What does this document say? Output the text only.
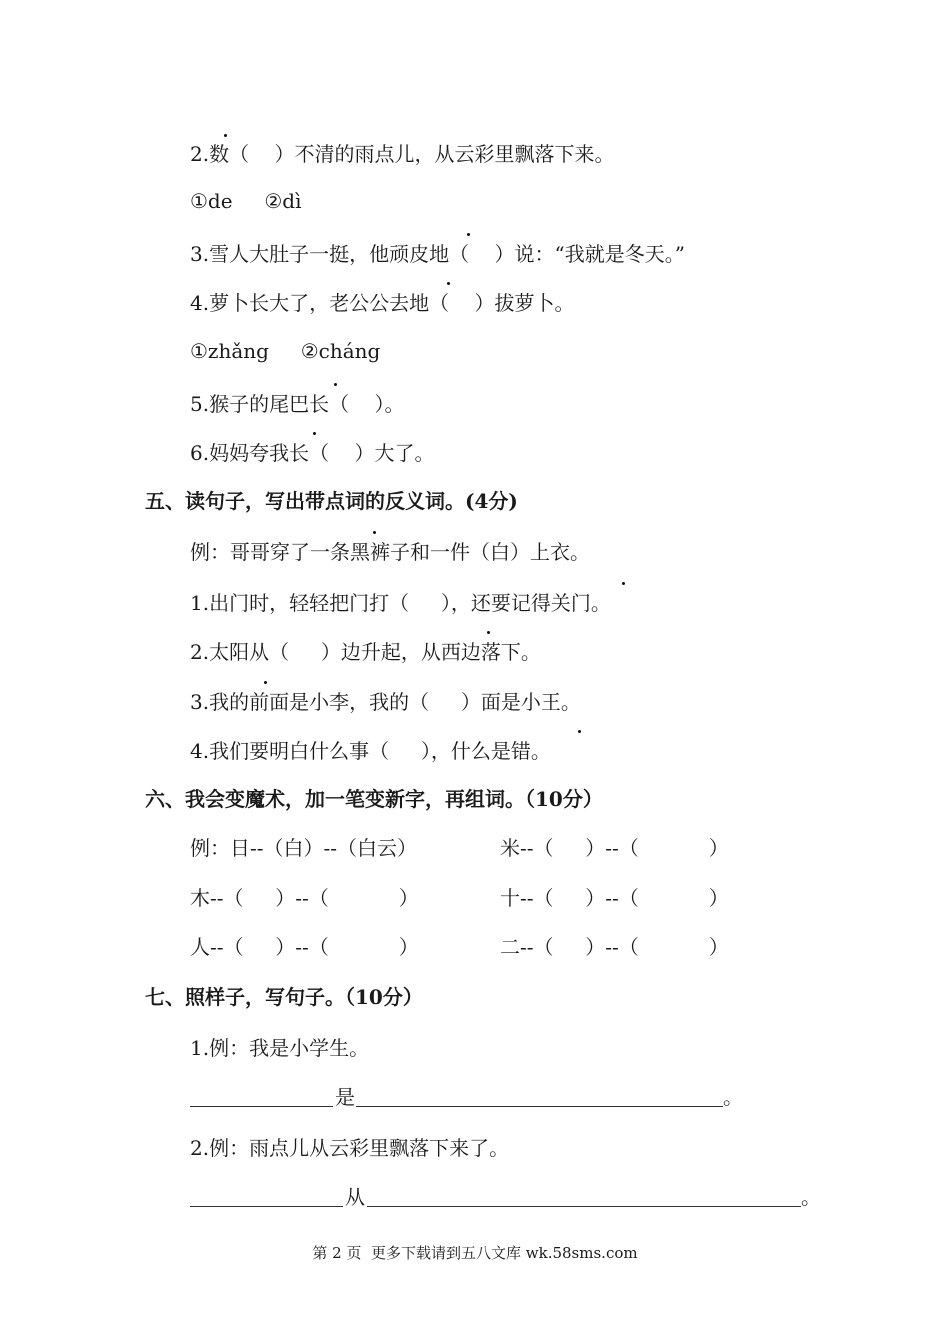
2.数（    ）不清的雨点儿，从云彩里飘落下来。
①de     ②dì
3.雪人大肚子一挺，他顽皮地（    ）说：“我就是冬天。”
4.萝卜长大了，老公公去地（    ）拔萝卜。
①zhǎng     ②cháng
5.猴子的尾巴长（    ）。
6.妈妈夸我长（    ）大了。
五、读句子，写出带点词的反义词。(4分)
例：哥哥穿了一条黑裤子和一件（白）上衣。
1.出门时，轻轻把门打（     ），还要记得关门。
2.太阳从（     ）边升起，从西边落下。
3.我的前面是小李，我的（     ）面是小王。
4.我们要明白什么事（     ），什么是错。
六、我会变魔术，加一笔变新字，再组词。（10分）
例：日--（白）--（白云）	米--（     ）--（           ）
木--（     ）--（           ）	十--（     ）--（           ）
人--（     ）--（           ）	二--（     ）--（           ）
七、照样子，写句子。（10分）
1.例：我是小学生。
是	。
2.例：雨点儿从云彩里飘落下来了。
从	。
第 2 页  更多下载请到五八文库 wk.58sms.com
